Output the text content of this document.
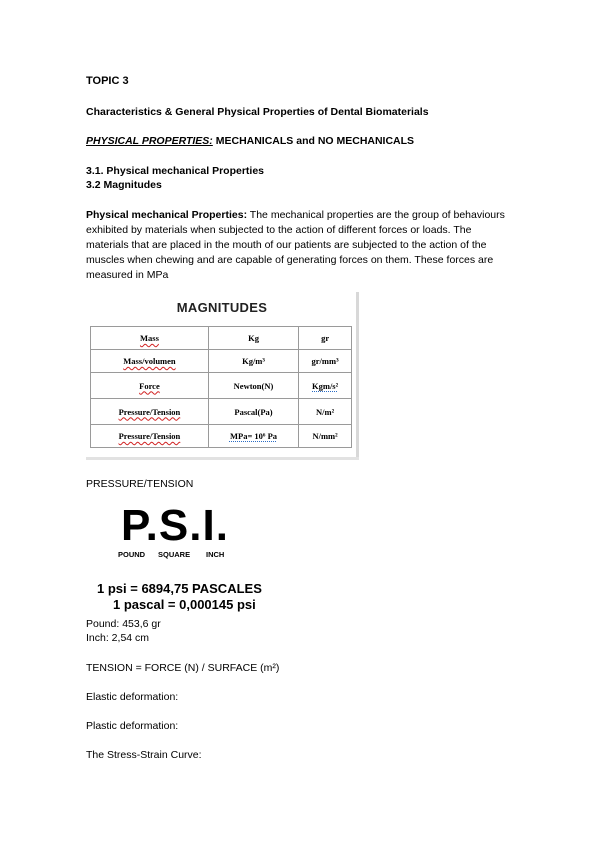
TOPIC 3
Characteristics & General Physical Properties of Dental Biomaterials
PHYSICAL PROPERTIES: MECHANICALS and NO MECHANICALS
3.1. Physical mechanical Properties
3.2 Magnitudes
Physical mechanical Properties: The mechanical properties are the group of behaviours exhibited by materials when subjected to the action of different forces or loads. The materials that are placed in the mouth of our patients are subjected to the action of the muscles when chewing and are capable of generating forces on them. These forces are measured in MPa
MAGNITUDES
Mass	Kg	gr
Mass/volumen	Kg/m³	gr/mm³
Force	Newton(N)	Kgm/s²
Pressure/Tension	Pascal(Pa)	N/m²
Pressure/Tension	MPa= 10⁶ Pa	N/mm²
PRESSURE/TENSION
P.S.I.
POUND SQUARE INCH
1 psi = 6894,75 PASCALES
1 pascal = 0,000145 psi
Pound: 453,6 gr
Inch: 2,54 cm
TENSION = FORCE (N) / SURFACE (m²)
Elastic deformation:
Plastic deformation:
The Stress-Strain Curve:
